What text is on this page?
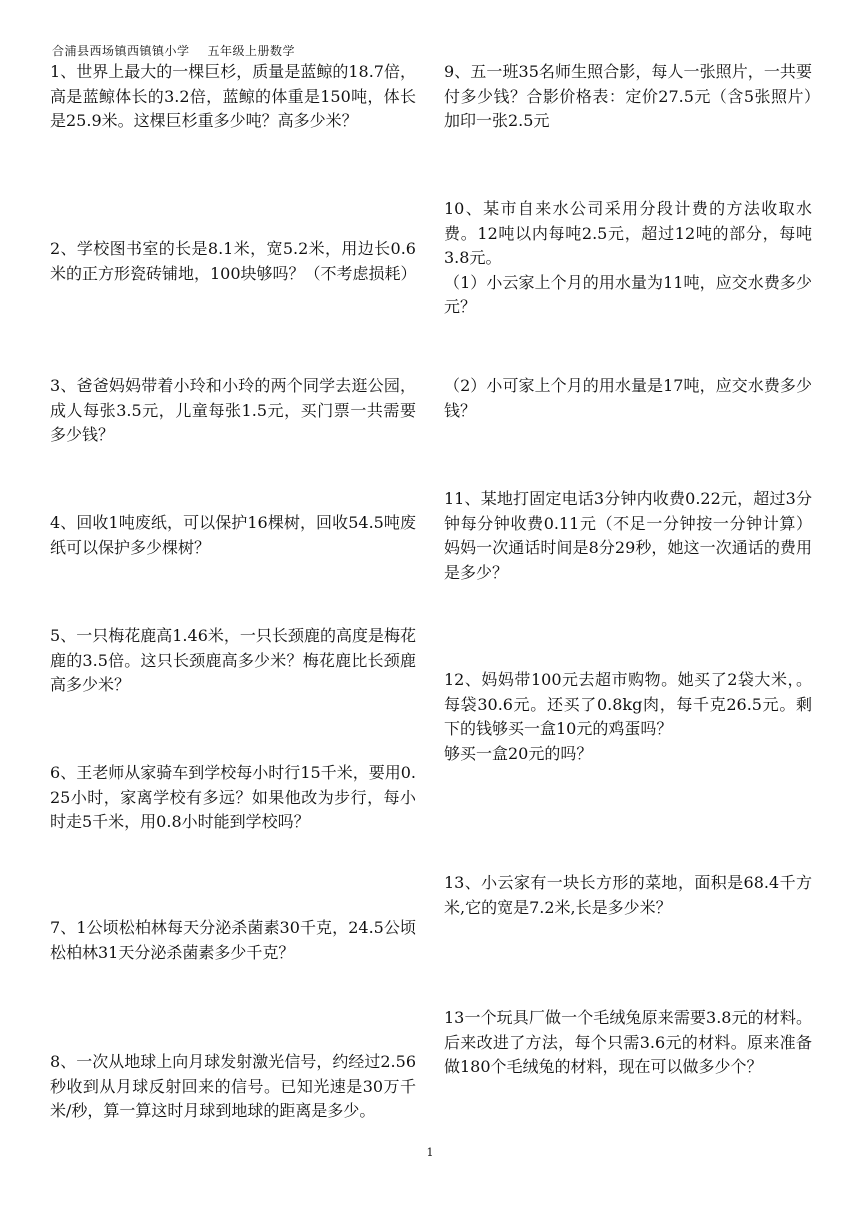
合浦县西场镇西镇镇小学 五年级上册数学

1、世界上最大的一棵巨杉，质量是蓝鲸的18.7倍，高是蓝鲸体长的3.2倍，蓝鲸的体重是150吨，体长是25.9米。这棵巨杉重多少吨？高多少米？

2、学校图书室的长是8.1米，宽5.2米，用边长0.6米的正方形瓷砖铺地，100块够吗？（不考虑损耗）

3、爸爸妈妈带着小玲和小玲的两个同学去逛公园，成人每张3.5元，儿童每张1.5元，买门票一共需要多少钱？

4、回收1吨废纸，可以保护16棵树，回收54.5吨废纸可以保护多少棵树？

5、一只梅花鹿高1.46米，一只长颈鹿的高度是梅花鹿的3.5倍。这只长颈鹿高多少米？梅花鹿比长颈鹿高多少米？

6、王老师从家骑车到学校每小时行15千米，要用0.25小时，家离学校有多远？如果他改为步行，每小时走5千米，用0.8小时能到学校吗？

7、1公顷松柏林每天分泌杀菌素30千克，24.5公顷松柏林31天分泌杀菌素多少千克？

8、一次从地球上向月球发射激光信号，约经过2.56秒收到从月球反射回来的信号。已知光速是30万千米/秒，算一算这时月球到地球的距离是多少。

9、五一班35名师生照合影，每人一张照片，一共要付多少钱？合影价格表：定价27.5元（含5张照片）　　加印一张2.5元

10、某市自来水公司采用分段计费的方法收取水费。12吨以内每吨2.5元，超过12吨的部分，每吨3.8元。

（1）小云家上个月的用水量为11吨，应交水费多少元？

（2）小可家上个月的用水量是17吨，应交水费多少钱？

11、某地打固定电话3分钟内收费0.22元，超过3分钟每分钟收费0.11元（不足一分钟按一分钟计算）妈妈一次通话时间是8分29秒，她这一次通话的费用是多少？

12、妈妈带100元去超市购物。她买了2袋大米，。每袋30.6元。还买了0.8kg肉，每千克26.5元。剩下的钱够买一盒10元的鸡蛋吗？

够买一盒20元的吗？

13、小云家有一块长方形的菜地，面积是68.4千方米,它的宽是7.2米,长是多少米？

13一个玩具厂做一个毛绒兔原来需要3.8元的材料。后来改进了方法，每个只需3.6元的材料。原来准备做180个毛绒兔的材料，现在可以做多少个？

1
